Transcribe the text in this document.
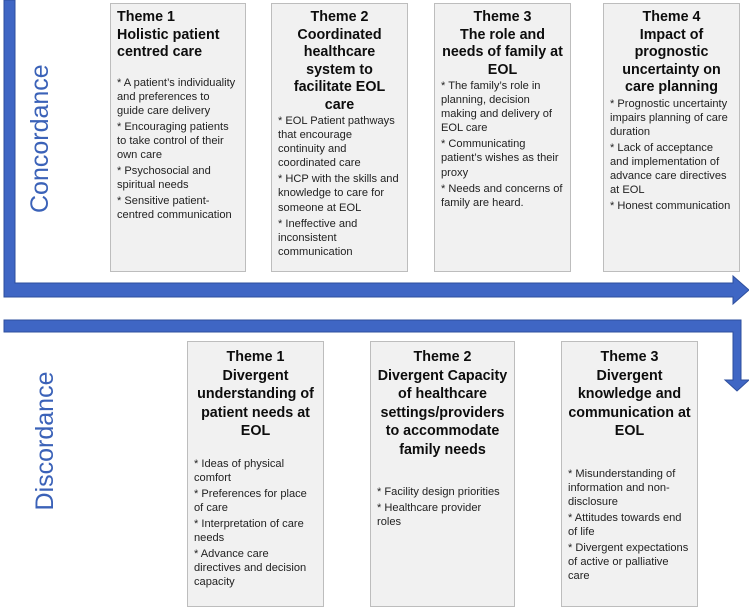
Concordance
Discordance
Theme 1
Holistic patient centred care
* A patient’s individuality and preferences to guide care delivery
* Encouraging patients to take control of their own care
* Psychosocial and spiritual needs
* Sensitive patient-centred communication
Theme 2
Coordinated healthcare system to facilitate EOL care
* EOL Patient pathways that encourage continuity and coordinated care
* HCP with the skills and knowledge to care for someone at EOL
* Ineffective and inconsistent communication
Theme 3
The role and needs of family at EOL
* The family’s role in planning, decision making and delivery of EOL care
* Communicating patient’s wishes as their proxy
* Needs and concerns of family are heard.
Theme 4
Impact of prognostic uncertainty on care planning
* Prognostic uncertainty impairs planning of care duration
* Lack of acceptance and implementation of advance care directives at EOL
* Honest communication
Theme 1
Divergent understanding of patient needs at EOL
* Ideas of physical comfort
* Preferences for place of care
* Interpretation of care needs
* Advance care directives and decision capacity
Theme 2
Divergent Capacity of healthcare settings/providers to accommodate family needs
* Facility design priorities
* Healthcare provider roles
Theme 3
Divergent knowledge and communication at EOL
* Misunderstanding of information and non-disclosure
* Attitudes towards end of life
* Divergent expectations of active or palliative care
